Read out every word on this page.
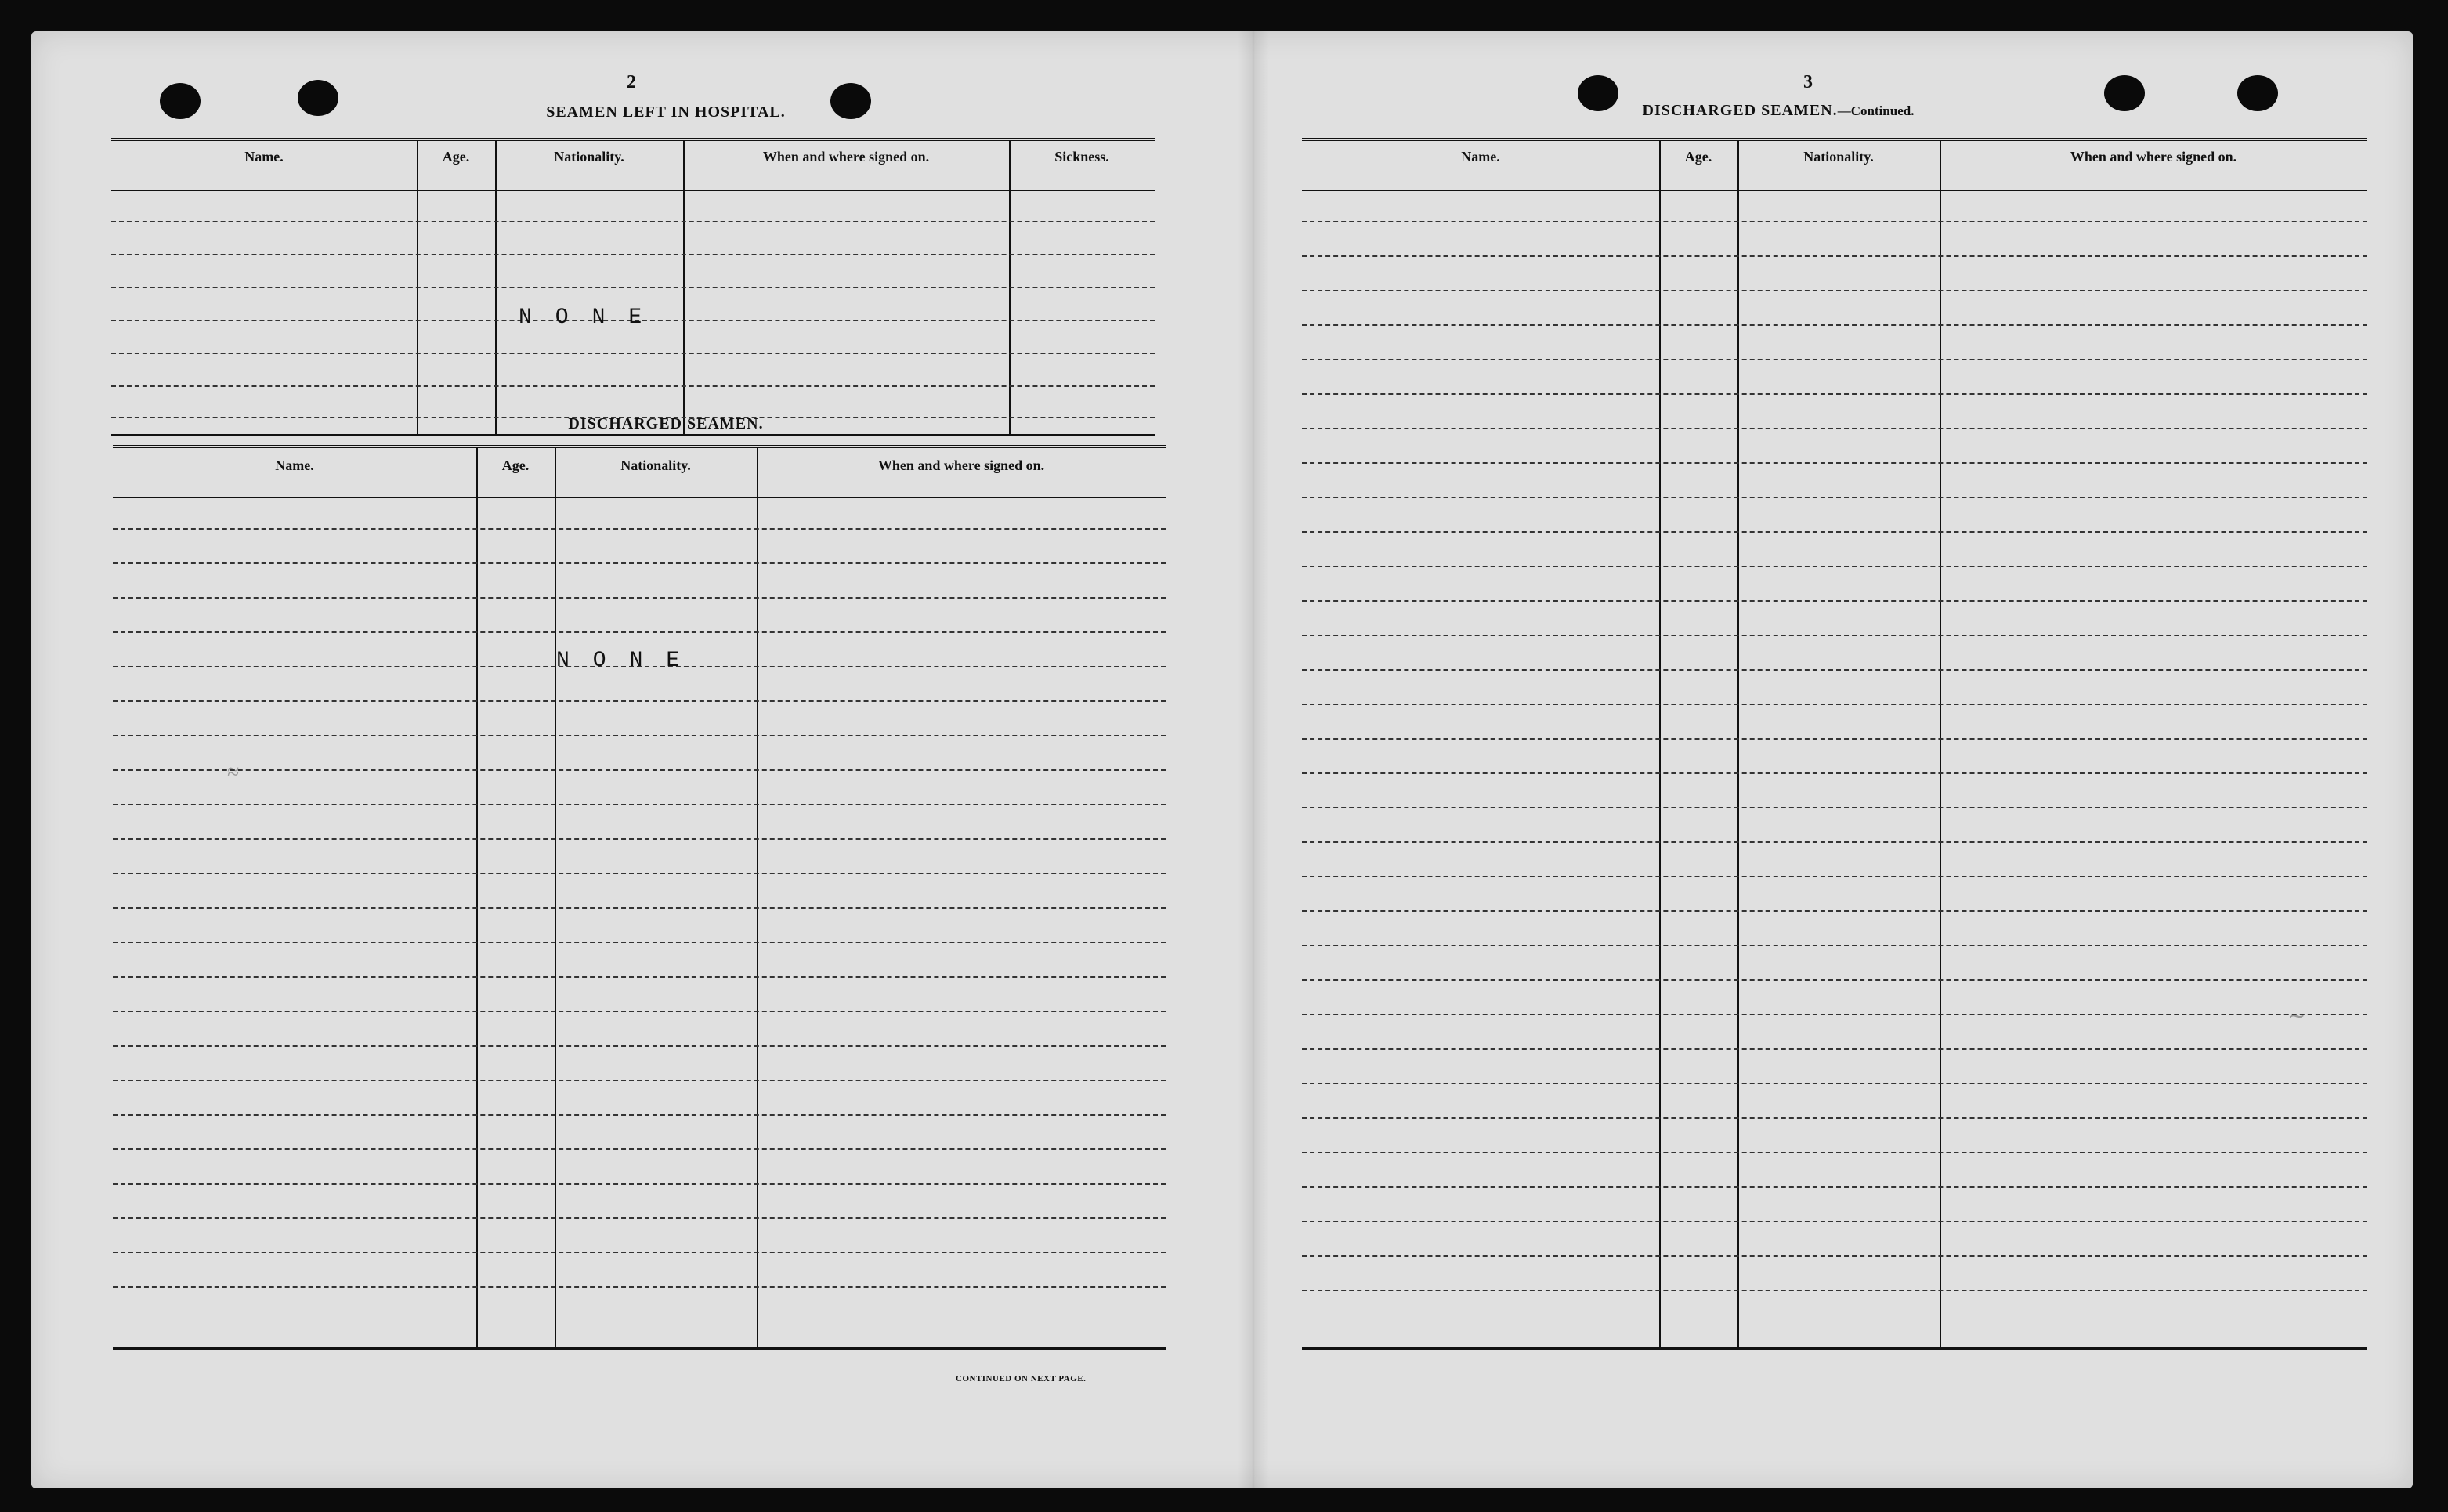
≈
∼
2
SEAMEN LEFT IN HOSPITAL.
Name.	Age.	Nationality.	When and where signed on.	Sickness.
NONE
DISCHARGED SEAMEN.
Name.	Age.	Nationality.	When and where signed on.
NONE
CONTINUED ON NEXT PAGE.
3
DISCHARGED SEAMEN.—Continued.
Name.	Age.	Nationality.	When and where signed on.
